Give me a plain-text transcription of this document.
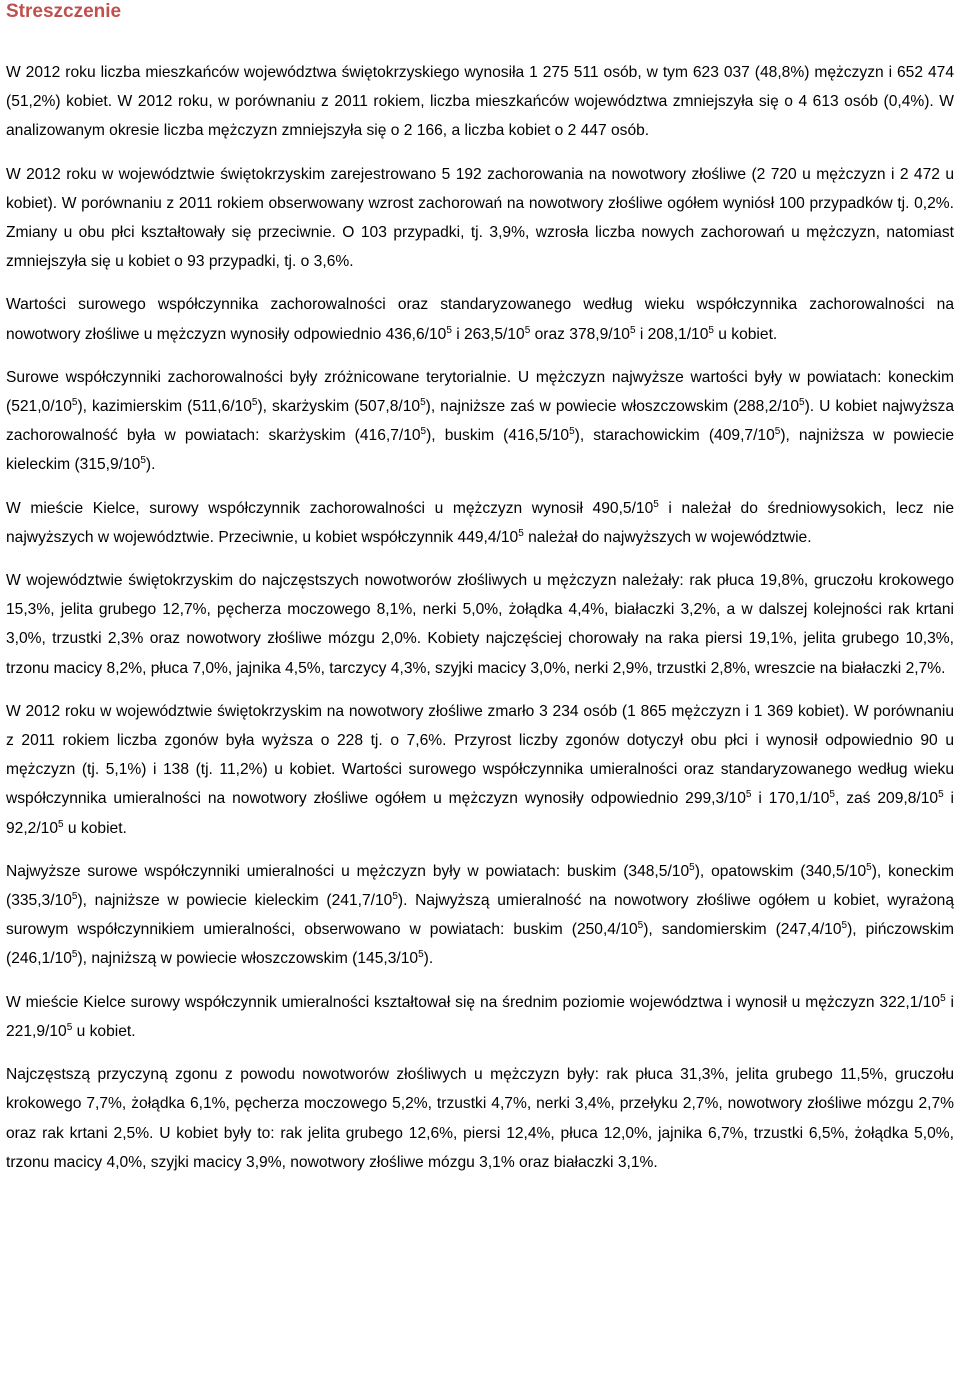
Streszczenie

W 2012 roku liczba mieszkańców województwa świętokrzyskiego wynosiła 1 275 511 osób, w tym 623 037 (48,8%) mężczyzn i 652 474 (51,2%) kobiet. W 2012 roku, w porównaniu z 2011 rokiem, liczba mieszkańców województwa zmniejszyła się o 4 613 osób (0,4%). W analizowanym okresie liczba mężczyzn zmniejszyła się o 2 166, a liczba kobiet o 2 447 osób.

W 2012 roku w województwie świętokrzyskim zarejestrowano 5 192 zachorowania na nowotwory złośliwe (2 720 u mężczyzn i 2 472 u kobiet). W porównaniu z 2011 rokiem obserwowany wzrost zachorowań na nowotwory złośliwe ogółem wyniósł 100 przypadków tj. 0,2%. Zmiany u obu płci kształtowały się przeciwnie. O 103 przypadki, tj. 3,9%, wzrosła liczba nowych zachorowań u mężczyzn, natomiast zmniejszyła się u kobiet o 93 przypadki, tj. o 3,6%.

Wartości surowego współczynnika zachorowalności oraz standaryzowanego według wieku współczynnika zachorowalności na nowotwory złośliwe u mężczyzn wynosiły odpowiednio $436,6/10^5$ i $263,5/10^5$ oraz $378,9/10^5$ i $208,1/10^5$ u kobiet.

Surowe współczynniki zachorowalności były zróżnicowane terytorialnie. U mężczyzn najwyższe wartości były w powiatach: koneckim $(521,0/10^5)$, kazimierskim $(511,6/10^5)$, skarżyskim $(507,8/10^5)$, najniższe zaś w powiecie włoszczowskim $(288,2/10^5)$. U kobiet najwyższa zachorowalność była w powiatach: skarżyskim $(416,7/10^5)$, buskim $(416,5/10^5)$, starachowickim $(409,7/10^5)$, najniższa w powiecie kieleckim $(315,9/10^5)$.

W mieście Kielce, surowy współczynnik zachorowalności u mężczyzn wynosił $490,5/10^5$ i należał do średniowysokich, lecz nie najwyższych w województwie. Przeciwnie, u kobiet współczynnik $449,4/10^5$ należał do najwyższych w województwie.

W województwie świętokrzyskim do najczęstszych nowotworów złośliwych u mężczyzn należały: rak płuca 19,8%, gruczołu krokowego 15,3%, jelita grubego 12,7%, pęcherza moczowego 8,1%, nerki 5,0%, żołądka 4,4%, białaczki 3,2%, a w dalszej kolejności rak krtani 3,0%, trzustki 2,3% oraz nowotwory złośliwe mózgu 2,0%. Kobiety najczęściej chorowały na raka piersi 19,1%, jelita grubego 10,3%, trzonu macicy 8,2%, płuca 7,0%, jajnika 4,5%, tarczycy 4,3%, szyjki macicy 3,0%, nerki 2,9%, trzustki 2,8%, wreszcie na białaczki 2,7%.

W 2012 roku w województwie świętokrzyskim na nowotwory złośliwe zmarło 3 234 osób (1 865 mężczyzn i 1 369 kobiet). W porównaniu z 2011 rokiem liczba zgonów była wyższa o 228 tj. o 7,6%. Przyrost liczby zgonów dotyczył obu płci i wynosił odpowiednio 90 u mężczyzn (tj. 5,1%) i 138 (tj. 11,2%) u kobiet. Wartości surowego współczynnika umieralności oraz standaryzowanego według wieku współczynnika umieralności na nowotwory złośliwe ogółem u mężczyzn wynosiły odpowiednio $299,3/10^5$ i $170,1/10^5$, zaś $209,8/10^5$ i $92,2/10^5$ u kobiet.

Najwyższe surowe współczynniki umieralności u mężczyzn były w powiatach: buskim $(348,5/10^5)$, opatowskim $(340,5/10^5)$, koneckim $(335,3/10^5)$, najniższe w powiecie kieleckim $(241,7/10^5)$. Najwyższą umieralność na nowotwory złośliwe ogółem u kobiet, wyrażoną surowym współczynnikiem umieralności, obserwowano w powiatach: buskim $(250,4/10^5)$, sandomierskim $(247,4/10^5)$, pińczowskim $(246,1/10^5)$, najniższą w powiecie włoszczowskim $(145,3/10^5)$.

W mieście Kielce surowy współczynnik umieralności kształtował się na średnim poziomie województwa i wynosił u mężczyzn $322,1/10^5$ i $221,9/10^5$ u kobiet.

Najczęstszą przyczyną zgonu z powodu nowotworów złośliwych u mężczyzn były: rak płuca 31,3%, jelita grubego 11,5%, gruczołu krokowego 7,7%, żołądka 6,1%, pęcherza moczowego 5,2%, trzustki 4,7%, nerki 3,4%, przełyku 2,7%, nowotwory złośliwe mózgu 2,7% oraz rak krtani 2,5%. U kobiet były to: rak jelita grubego 12,6%, piersi 12,4%, płuca 12,0%, jajnika 6,7%, trzustki 6,5%, żołądka 5,0%, trzonu macicy 4,0%, szyjki macicy 3,9%, nowotwory złośliwe mózgu 3,1% oraz białaczki 3,1%.
